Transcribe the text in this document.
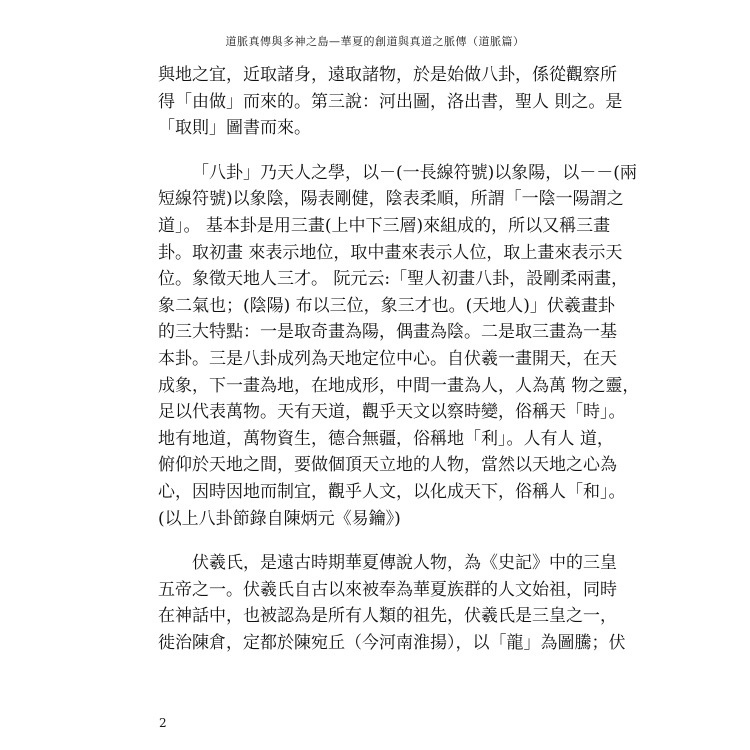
道脈真傳與多神之島—華夏的創道與真道之脈傳（道脈篇）
與地之宜，近取諸身，遠取諸物，於是始做八卦，係從觀察所
得「由做」而來的。第三說：河出圖，洛出書，聖人 則之。是
「取則」圖書而來。
「八卦」乃天人之學，以－(一長線符號)以象陽，以－－(兩
短線符號)以象陰，陽表剛健，陰表柔順，所謂「一陰一陽謂之
道」。 基本卦是用三畫(上中下三層)來組成的，所以又稱三畫
卦。取初畫 來表示地位，取中畫來表示人位，取上畫來表示天
位。象徵天地人三才。 阮元云:「聖人初畫八卦，設剛柔兩畫，
象二氣也；(陰陽) 布以三位，象三才也。(天地人)」伏羲畫卦
的三大特點：一是取奇畫為陽，偶畫為陰。二是取三畫為一基
本卦。三是八卦成列為天地定位中心。自伏羲一畫開天，在天
成象，下一畫為地，在地成形，中間一畫為人，人為萬 物之靈，
足以代表萬物。天有天道，觀乎天文以察時變，俗稱天「時」。
地有地道，萬物資生，德合無疆，俗稱地「利」。人有人 道，
俯仰於天地之間，要做個頂天立地的人物，當然以天地之心為
心，因時因地而制宜，觀乎人文，以化成天下，俗稱人「和」。
(以上八卦節錄自陳炳元《易鑰》)
伏羲氏，是遠古時期華夏傳說人物，為《史記》中的三皇
五帝之一。伏羲氏自古以來被奉為華夏族群的人文始祖，同時
在神話中，也被認為是所有人類的祖先，伏羲氏是三皇之一，
徙治陳倉，定都於陳宛丘（今河南淮揚），以「龍」為圖騰；伏
2
